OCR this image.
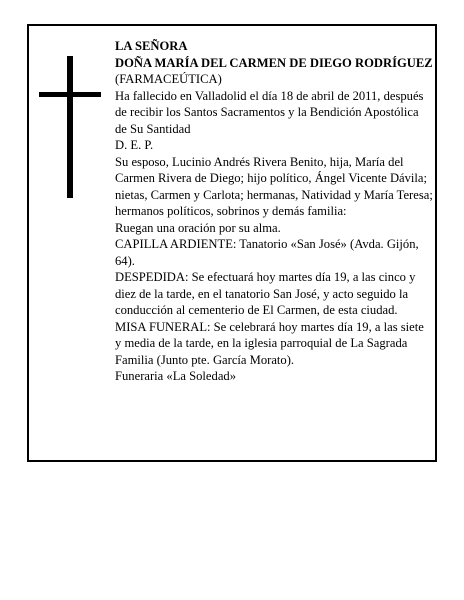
LA SEÑORA

DOÑA MARÍA DEL CARMEN DE DIEGO RODRÍGUEZ

(FARMACEÚTICA)

Ha fallecido en Valladolid el día 18 de abril de 2011, después de recibir los Santos Sacramentos y la Bendición Apostólica de Su Santidad

D. E. P.

Su esposo, Lucinio Andrés Rivera Benito, hija, María del Carmen Rivera de Diego; hijo político, Ángel Vicente Dávila; nietas, Carmen y Carlota; hermanas, Natividad y María Teresa; hermanos políticos, sobrinos y demás familia:

Ruegan una oración por su alma.

CAPILLA ARDIENTE: Tanatorio «San José» (Avda. Gijón, 64).

DESPEDIDA: Se efectuará hoy martes día 19, a las cinco y diez de la tarde, en el tanatorio San José, y acto seguido la conducción al cementerio de El Carmen, de esta ciudad.

MISA FUNERAL: Se celebrará hoy martes día 19, a las siete y media de la tarde, en la iglesia parroquial de La Sagrada Familia (Junto pte. García Morato).

Funeraria «La Soledad»
